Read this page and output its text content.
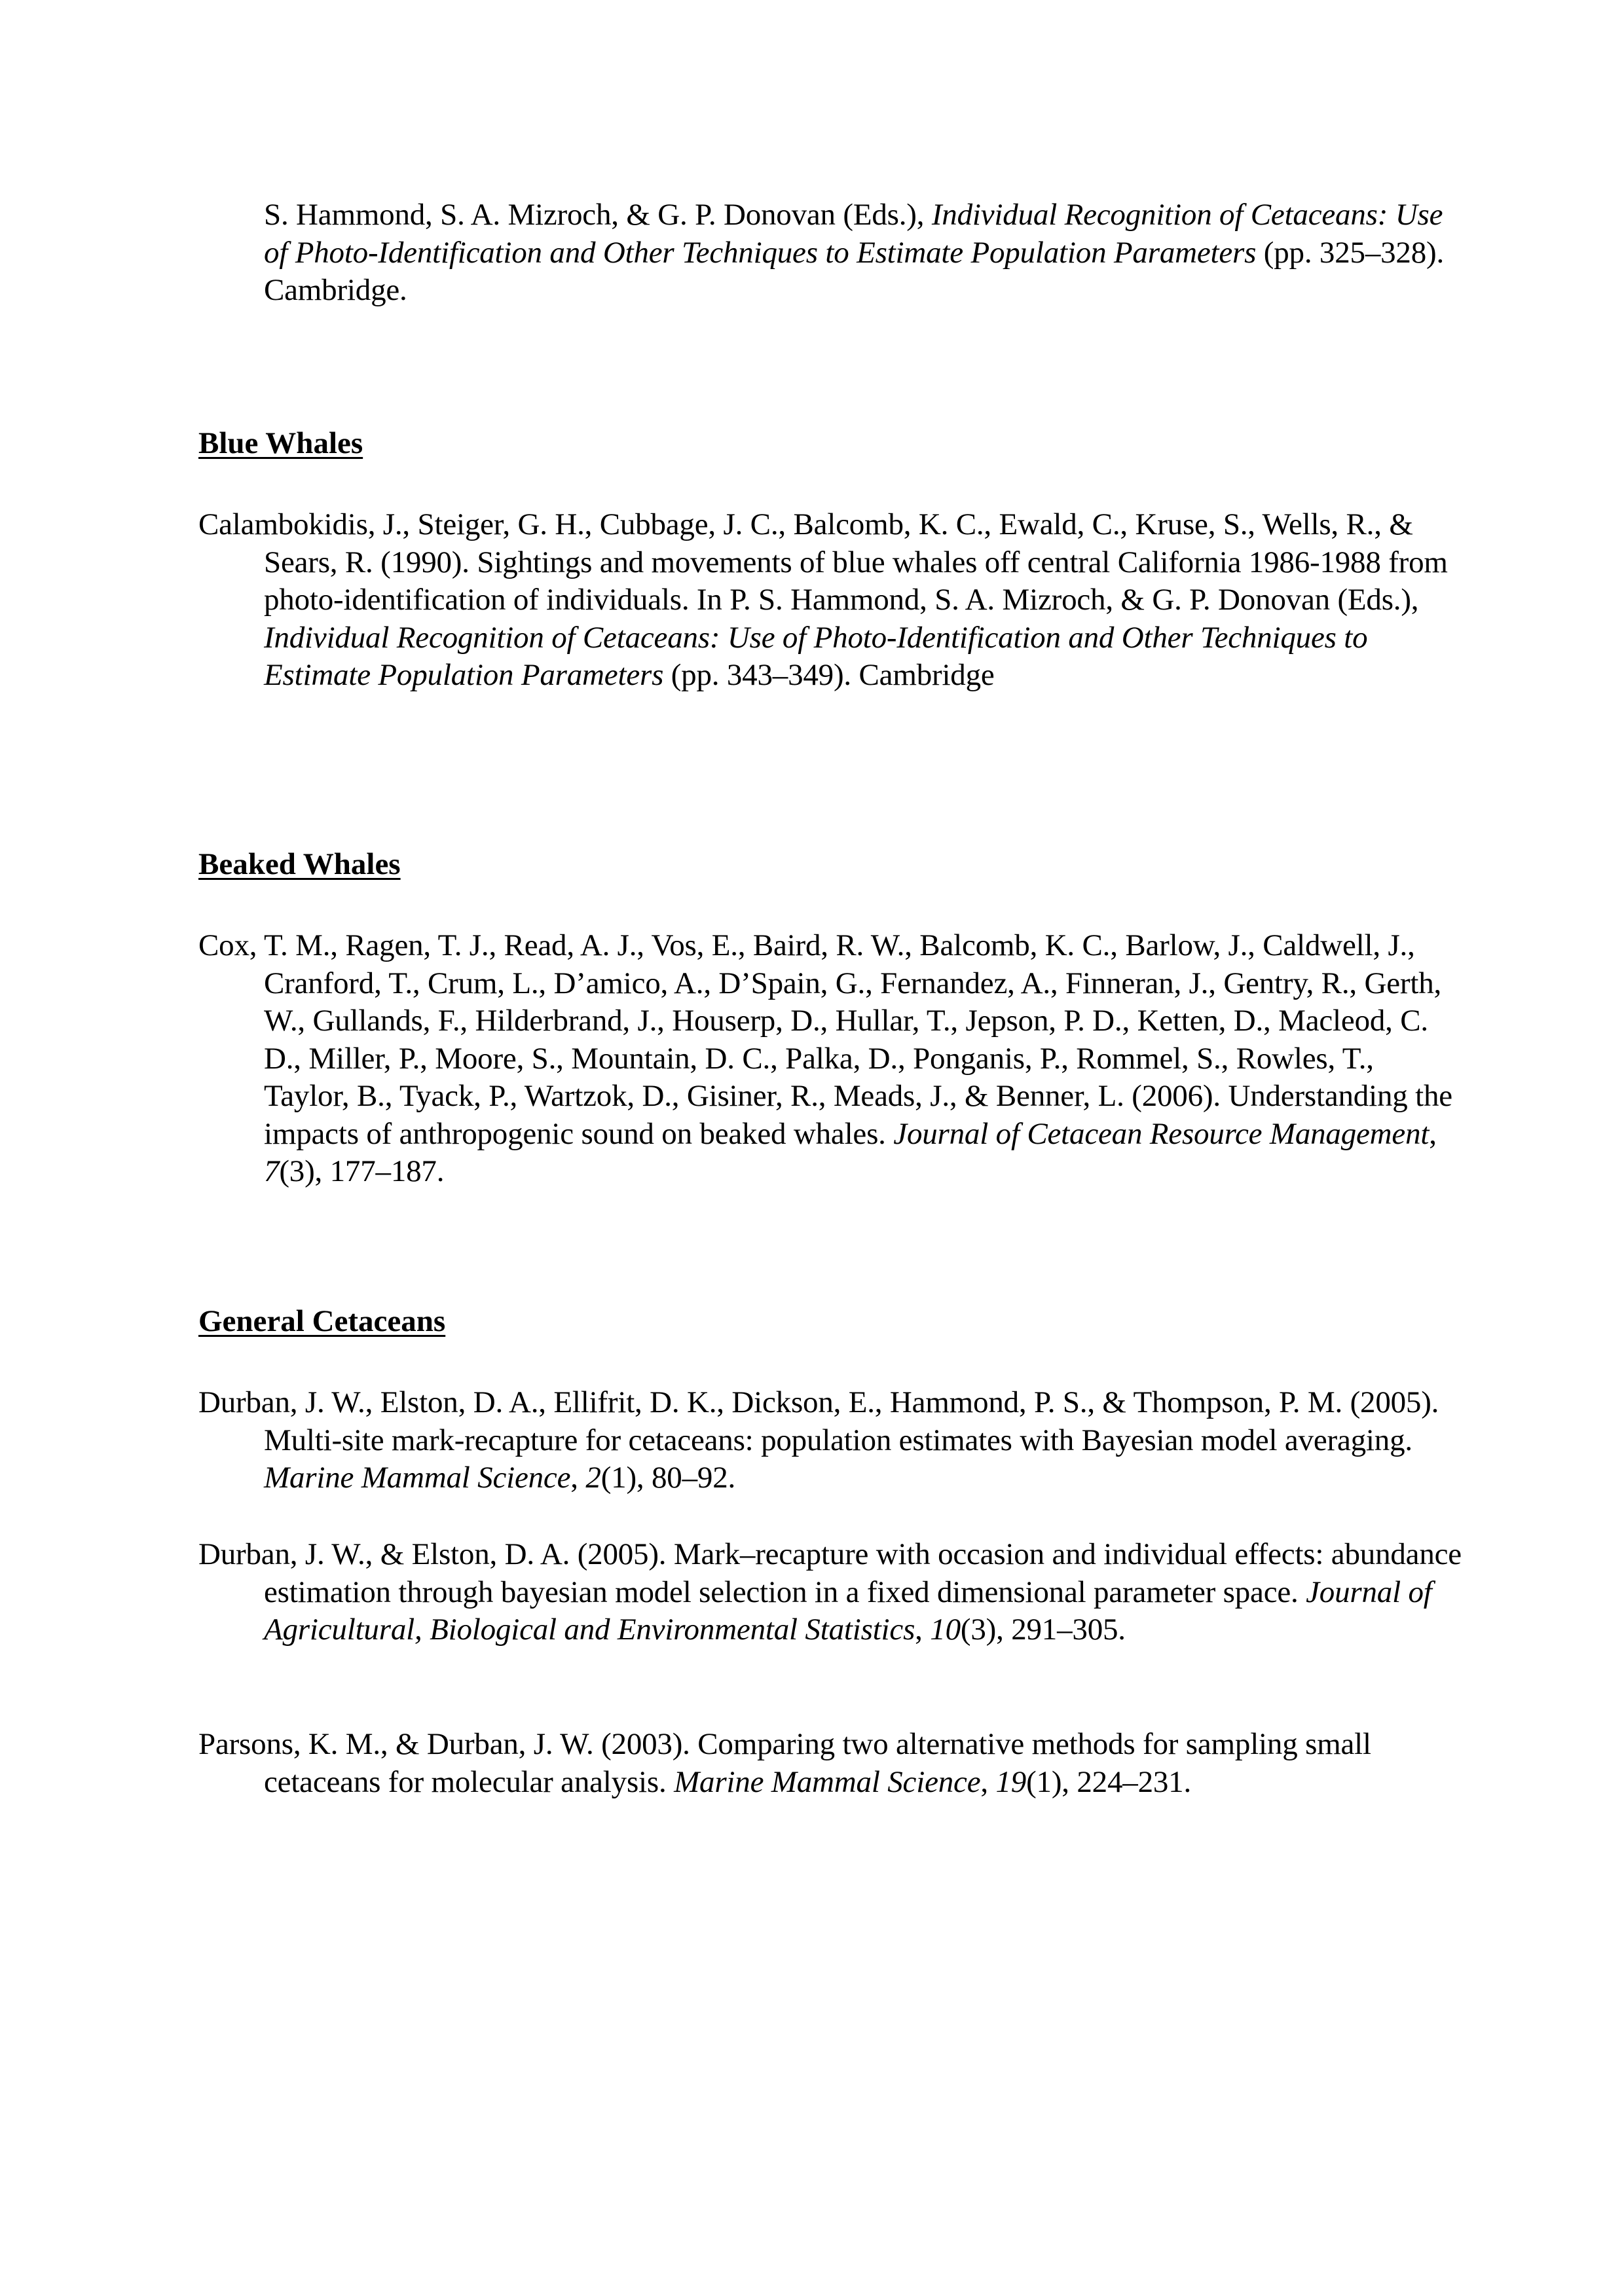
S. Hammond, S. A. Mizroch, & G. P. Donovan (Eds.), Individual Recognition of Cetaceans: Use of Photo-Identification and Other Techniques to Estimate Population Parameters (pp. 325–328). Cambridge.

Blue Whales

Calambokidis, J., Steiger, G. H., Cubbage, J. C., Balcomb, K. C., Ewald, C., Kruse, S., Wells, R., & Sears, R. (1990). Sightings and movements of blue whales off central California 1986-1988 from photo-identification of individuals. In P. S. Hammond, S. A. Mizroch, & G. P. Donovan (Eds.), Individual Recognition of Cetaceans: Use of Photo-Identification and Other Techniques to Estimate Population Parameters (pp. 343–349). Cambridge

Beaked Whales

Cox, T. M., Ragen, T. J., Read, A. J., Vos, E., Baird, R. W., Balcomb, K. C., Barlow, J., Caldwell, J., Cranford, T., Crum, L., D’amico, A., D’Spain, G., Fernandez, A., Finneran, J., Gentry, R., Gerth, W., Gullands, F., Hilderbrand, J., Houserp, D., Hullar, T., Jepson, P. D., Ketten, D., Macleod, C. D., Miller, P., Moore, S., Mountain, D. C., Palka, D., Ponganis, P., Rommel, S., Rowles, T., Taylor, B., Tyack, P., Wartzok, D., Gisiner, R., Meads, J., & Benner, L. (2006). Understanding the impacts of anthropogenic sound on beaked whales. Journal of Cetacean Resource Management, 7(3), 177–187.

General Cetaceans

Durban, J. W., Elston, D. A., Ellifrit, D. K., Dickson, E., Hammond, P. S., & Thompson, P. M. (2005). Multi-site mark-recapture for cetaceans: population estimates with Bayesian model averaging. Marine Mammal Science, 2(1), 80–92.

Durban, J. W., & Elston, D. A. (2005). Mark–recapture with occasion and individual effects: abundance estimation through bayesian model selection in a fixed dimensional parameter space. Journal of Agricultural, Biological and Environmental Statistics, 10(3), 291–305.

Parsons, K. M., & Durban, J. W. (2003). Comparing two alternative methods for sampling small cetaceans for molecular analysis. Marine Mammal Science, 19(1), 224–231.
